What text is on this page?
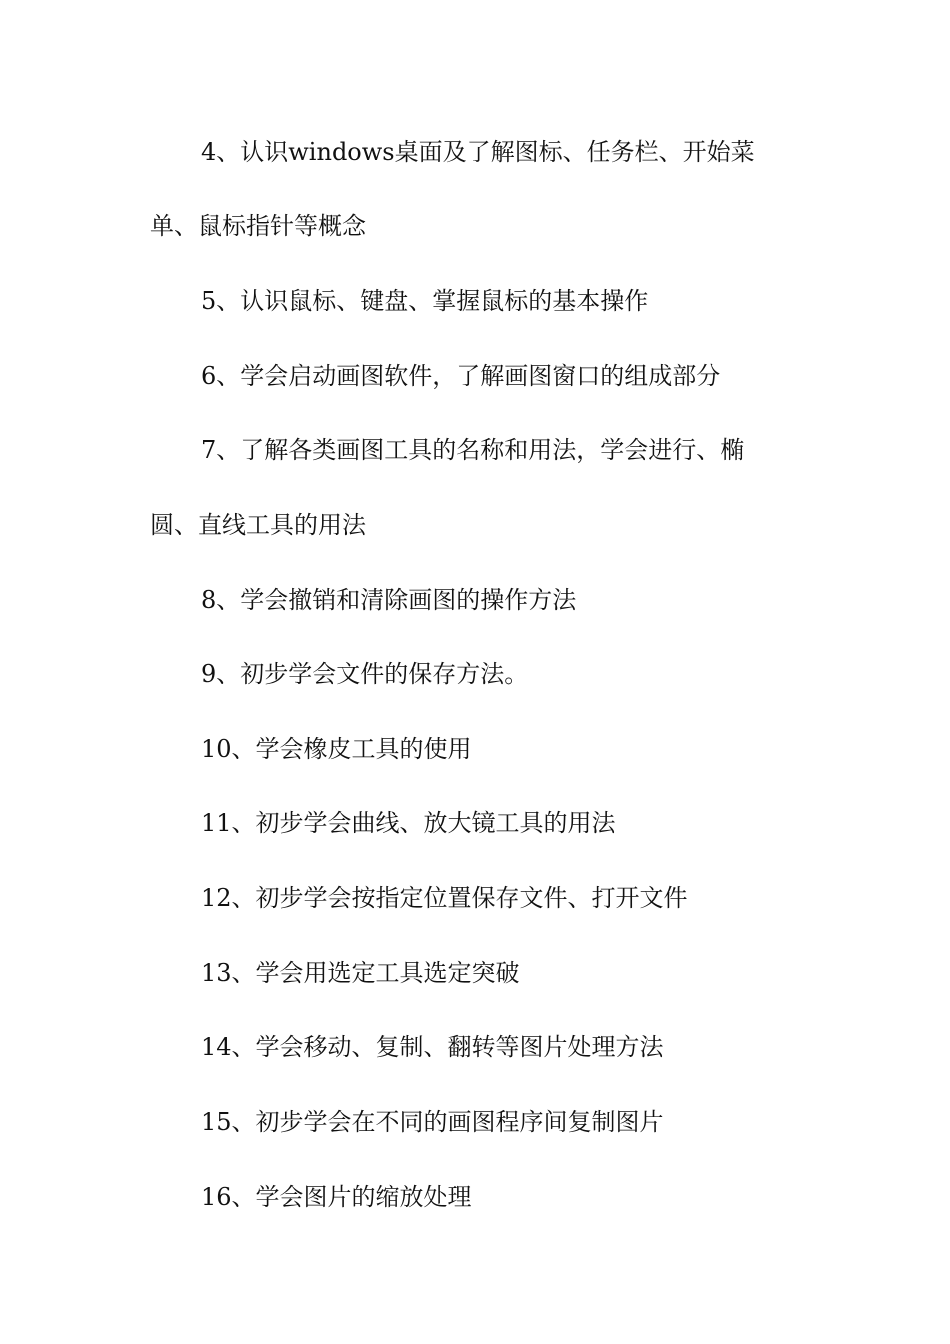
4、认识windows桌面及了解图标、任务栏、开始菜
单、鼠标指针等概念
5、认识鼠标、键盘、掌握鼠标的基本操作
6、学会启动画图软件，了解画图窗口的组成部分
7、了解各类画图工具的名称和用法，学会进行、椭
圆、直线工具的用法
8、学会撤销和清除画图的操作方法
9、初步学会文件的保存方法。
10、学会橡皮工具的使用
11、初步学会曲线、放大镜工具的用法
12、初步学会按指定位置保存文件、打开文件
13、学会用选定工具选定突破
14、学会移动、复制、翻转等图片处理方法
15、初步学会在不同的画图程序间复制图片
16、学会图片的缩放处理
